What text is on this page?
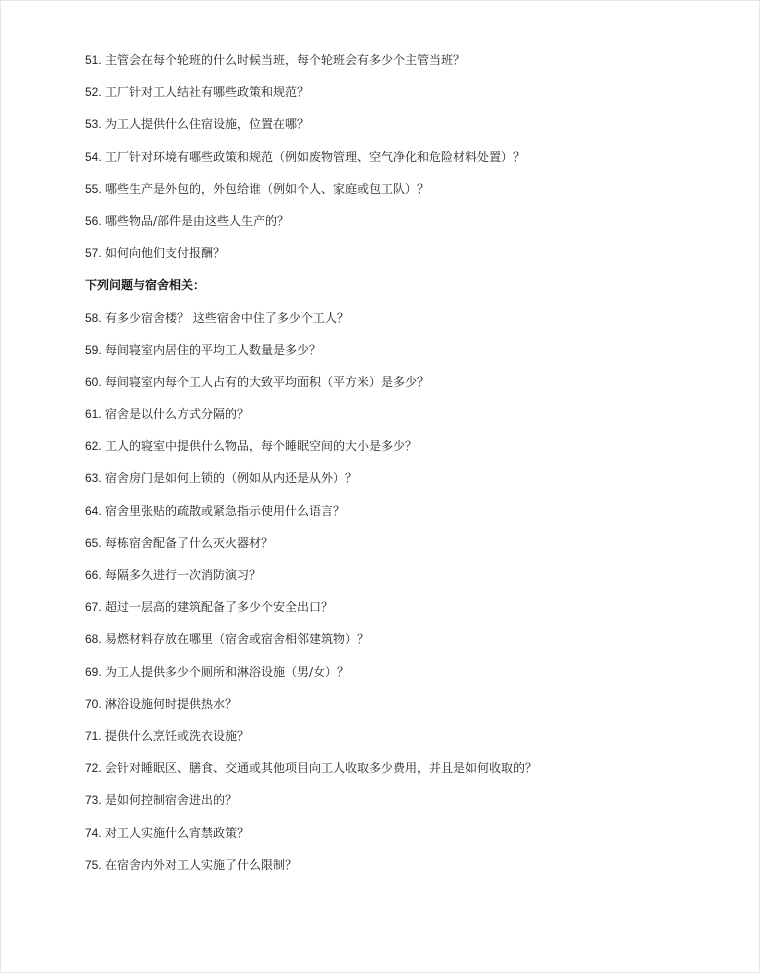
51. 主管会在每个轮班的什么时候当班，每个轮班会有多少个主管当班？
52. 工厂针对工人结社有哪些政策和规范？
53. 为工人提供什么住宿设施，位置在哪？
54. 工厂针对环境有哪些政策和规范（例如废物管理、空气净化和危险材料处置）？
55. 哪些生产是外包的，外包给谁（例如个人、家庭或包工队）？
56. 哪些物品/部件是由这些人生产的？
57. 如何向他们支付报酬？
下列问题与宿舍相关：
58. 有多少宿舍楼？ 这些宿舍中住了多少个工人？
59. 每间寝室内居住的平均工人数量是多少？
60. 每间寝室内每个工人占有的大致平均面积（平方米）是多少？
61. 宿舍是以什么方式分隔的？
62. 工人的寝室中提供什么物品，每个睡眠空间的大小是多少？
63. 宿舍房门是如何上锁的（例如从内还是从外）？
64. 宿舍里张贴的疏散或紧急指示使用什么语言？
65. 每栋宿舍配备了什么灭火器材？
66. 每隔多久进行一次消防演习？
67. 超过一层高的建筑配备了多少个安全出口？
68. 易燃材料存放在哪里（宿舍或宿舍相邻建筑物）？
69. 为工人提供多少个厕所和淋浴设施（男/女）？
70. 淋浴设施何时提供热水？
71. 提供什么烹饪或洗衣设施？
72. 会针对睡眠区、膳食、交通或其他项目向工人收取多少费用，并且是如何收取的？
73. 是如何控制宿舍进出的？
74. 对工人实施什么宵禁政策？
75. 在宿舍内外对工人实施了什么限制？
